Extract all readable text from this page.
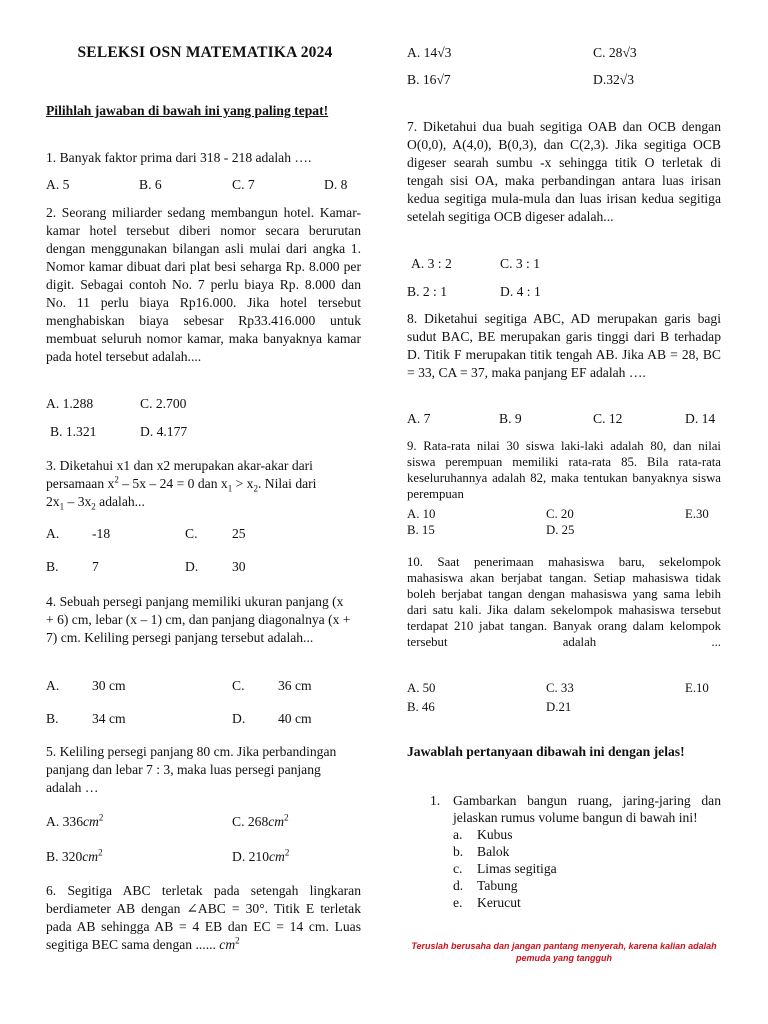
SELEKSI OSN MATEMATIKA 2024
Pilihlah jawaban di bawah ini yang paling tepat!
1. Banyak faktor prima dari 318 - 218 adalah ….
A. 5	B. 6	C. 7	D. 8
2. Seorang miliarder sedang membangun hotel. Kamar-kamar hotel tersebut diberi nomor secara berurutan dengan menggunakan bilangan asli mulai dari angka 1. Nomor kamar dibuat dari plat besi seharga Rp. 8.000 per digit. Sebagai contoh No. 7 perlu biaya Rp. 8.000 dan No. 11 perlu biaya Rp16.000. Jika hotel tersebut menghabiskan biaya sebesar Rp33.416.000 untuk membuat seluruh nomor kamar, maka banyaknya kamar pada hotel tersebut adalah....
A. 1.288	C. 2.700
B. 1.321	D. 4.177
3. Diketahui x1 dan x2 merupakan akar-akar dari
persamaan $x^2 - 5x - 24 = 0$ dan $x_1 > x_2$. Nilai dari
$2x_1 - 3x_2$ adalah...
A. -18	C.	25
B. 7	D. 30
4. Sebuah persegi panjang memiliki ukuran panjang (x + 6) cm, lebar (x – 1) cm, dan panjang diagonalnya (x + 7) cm. Keliling persegi panjang tersebut adalah...
A. 30 cm	C. 36 cm
B. 34 cm	D. 40 cm
5. Keliling persegi panjang 80 cm. Jika perbandingan panjang dan lebar 7 : 3, maka luas persegi panjang adalah …
A. $336cm^2$	C. $268cm^2$
B. $320cm^2$	D. $210cm^2$
6. Segitiga ABC terletak pada setengah lingkaran berdiameter AB dengan ∠ABC = 30°. Titik E terletak pada AB sehingga AB = 4 EB dan EC = 14 cm. Luas segitiga BEC sama dengan ...... $cm^2$
A. 14√3	C. 28√3
B. 16√7	D.32√3
7. Diketahui dua buah segitiga OAB dan OCB dengan O(0,0), A(4,0), B(0,3), dan C(2,3). Jika segitiga OCB digeser searah sumbu -x sehingga titik O terletak di tengah sisi OA, maka perbandingan antara luas irisan kedua segitiga mula-mula dan luas irisan kedua segitiga setelah segitiga OCB digeser adalah...
A. 3 : 2	C. 3 : 1
B. 2 : 1	D. 4 : 1
8. Diketahui segitiga ABC, AD merupakan garis bagi sudut BAC, BE merupakan garis tinggi dari B terhadap D. Titik F merupakan titik tengah AB. Jika AB = 28, BC = 33, CA = 37, maka panjang EF adalah ….
A. 7	B. 9	C. 12	D. 14
9. Rata-rata nilai 30 siswa laki-laki adalah 80, dan nilai siswa perempuan memiliki rata-rata 85. Bila rata-rata keseluruhannya adalah 82, maka tentukan banyaknya siswa perempuan
A. 10	C. 20	E.30
B. 15	D. 25
10. Saat penerimaan mahasiswa baru, sekelompok mahasiswa akan berjabat tangan. Setiap mahasiswa tidak boleh berjabat tangan dengan mahasiswa yang sama lebih dari satu kali. Jika dalam sekelompok mahasiswa tersebut terdapat 210 jabat tangan. Banyak orang dalam kelompok tersebut adalah ...
A. 50	C. 33	E.10
B. 46	D.21
Jawablah pertanyaan dibawah ini dengan jelas!
1. Gambarkan bangun ruang, jaring-jaring dan jelaskan rumus volume bangun di bawah ini!
a. Kubus
b. Balok
c. Limas segitiga
d. Tabung
e. Kerucut
Teruslah berusaha dan jangan pantang menyerah, karena kalian adalah pemuda yang tangguh
